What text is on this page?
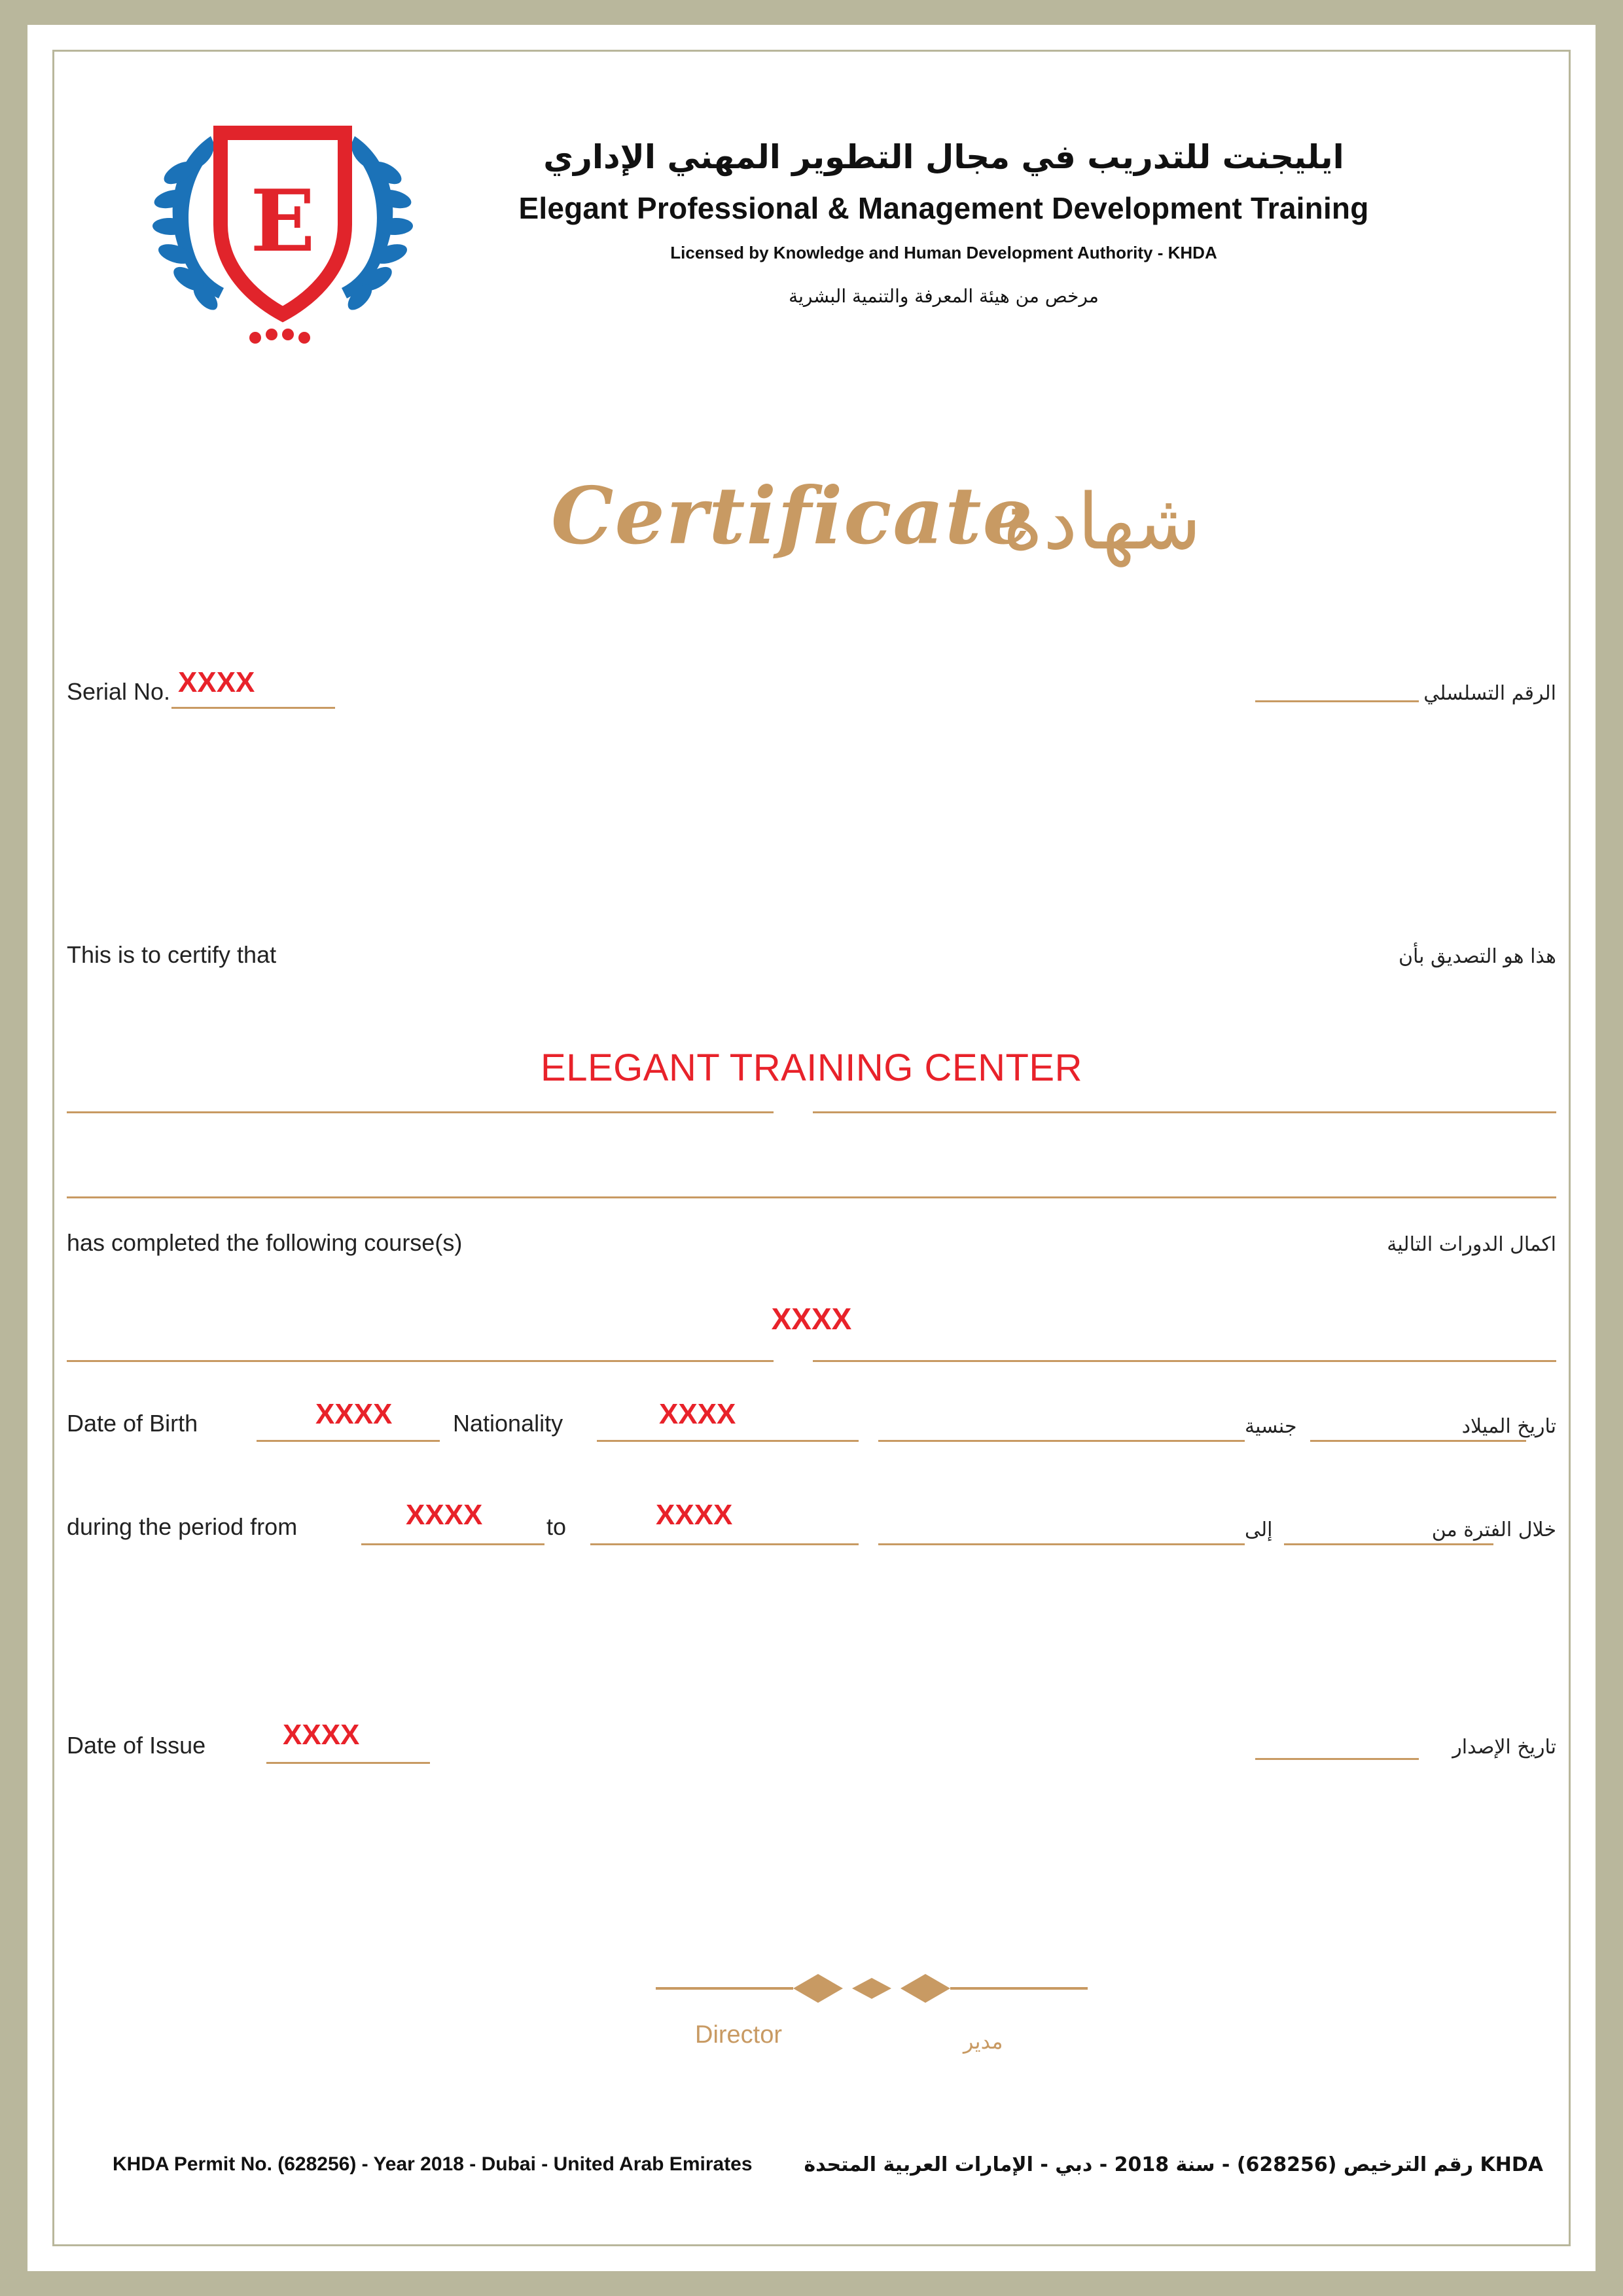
E
ايليجنت للتدريب في مجال التطوير المهني الإداري
Elegant Professional & Management Development Training
Licensed by Knowledge and Human Development Authority - KHDA
مرخص من هيئة المعرفة والتنمية البشرية
Certificate
شهادة
Serial No. XXXX	الرقم التسلسلي
This is to certify that	هذا هو التصديق بأن
ELEGANT TRAINING CENTER
has completed the following course(s)	اكمال الدورات التالية
XXXX
Date of Birth	XXXX	Nationality	XXXX	جنسية	تاريخ الميلاد
during the period from	XXXX	to	XXXX	إلى	خلال الفترة من
Date of Issue	XXXX	تاريخ الإصدار
Director	مدير
KHDA Permit No. (628256) - Year 2018 - Dubai - United Arab Emirates	KHDA رقم الترخيص (628256) - سنة 2018 - دبي - الإمارات العربية المتحدة
